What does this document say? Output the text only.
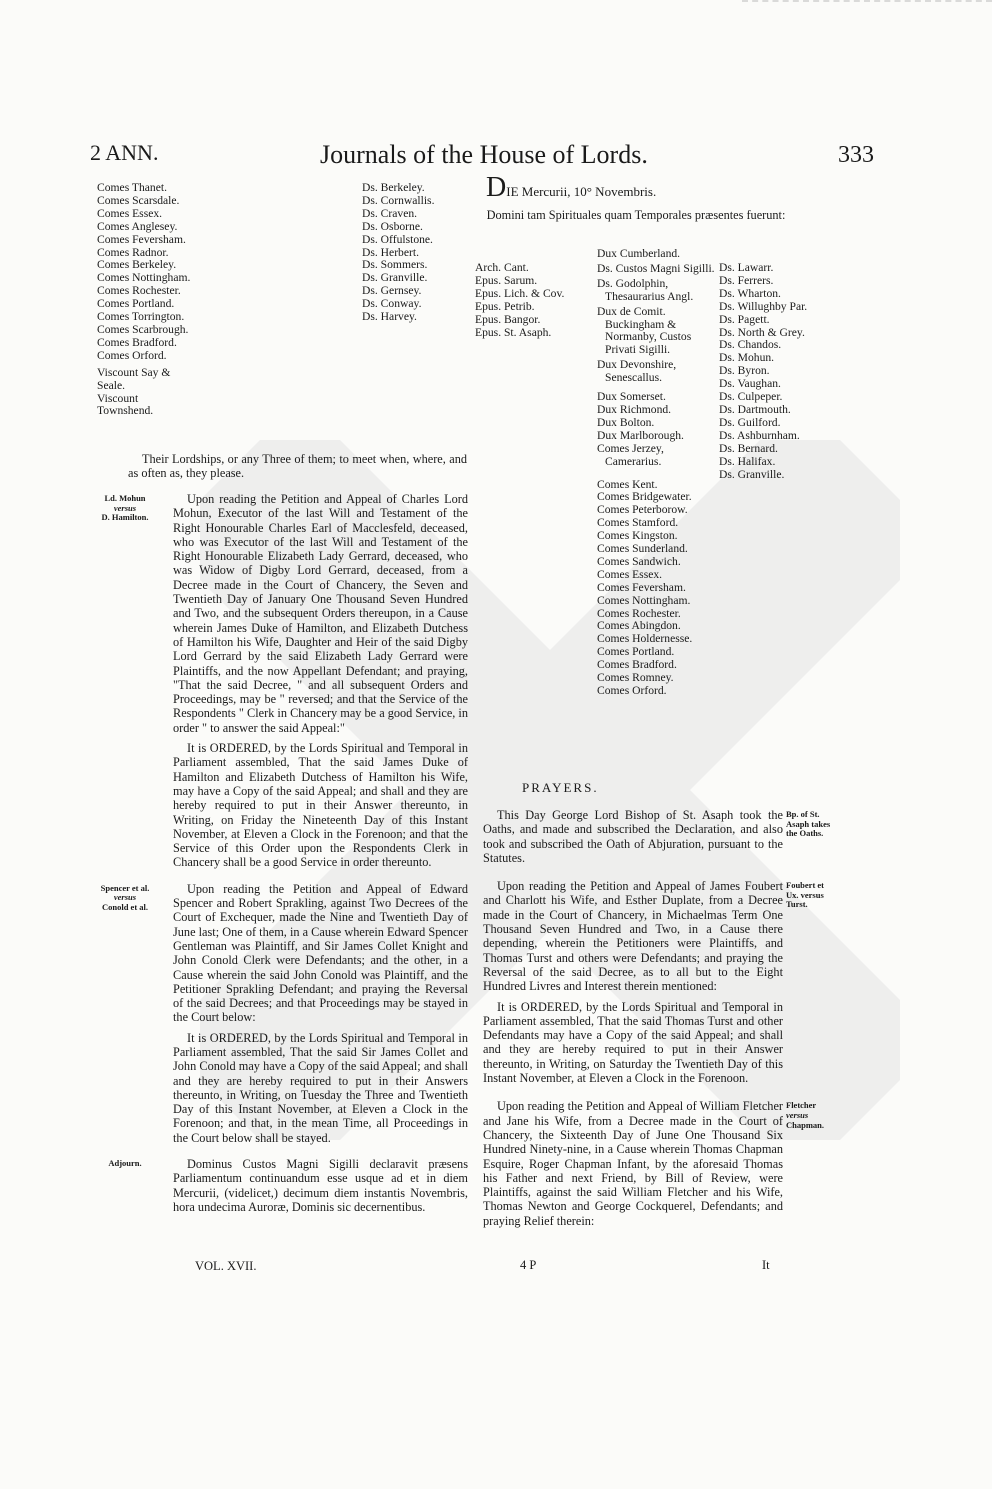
2 ANN.	Journals of the House of Lords.	333
Comes Thanet.
Comes Scarsdale.
Comes Essex.
Comes Anglesey.
Comes Feversham.
Comes Radnor.
Comes Berkeley.
Comes Nottingham.
Comes Rochester.
Comes Portland.
Comes Torrington.
Comes Scarbrough.
Comes Bradford.
Comes Orford.
Viscount Say & Seale.
Viscount Townshend.
Ds. Berkeley.
Ds. Cornwallis.
Ds. Craven.
Ds. Osborne.
Ds. Offulstone.
Ds. Herbert.
Ds. Sommers.
Ds. Granville.
Ds. Gernsey.
Ds. Conway.
Ds. Harvey.
Their Lordships, or any Three of them; to meet when, where, and as often as, they please.
Ld. Mohun
versus
D. Hamilton.

Upon reading the Petition and Appeal of Charles Lord Mohun, Executor of the last Will and Testament of the Right Honourable Charles Earl of Macclesfeld, deceased, who was Executor of the last Will and Testament of the Right Honourable Elizabeth Lady Gerrard, deceased, who was Widow of Digby Lord Gerrard, deceased, from a Decree made in the Court of Chancery, the Seven and Twentieth Day of January One Thousand Seven Hundred and Two, and the subsequent Orders thereupon, in a Cause wherein James Duke of Hamilton, and Elizabeth Dutchess of Hamilton his Wife, Daughter and Heir of the said Digby Lord Gerrard by the said Elizabeth Lady Gerrard were Plaintiffs, and the now Appellant Defendant; and praying, "That the said Decree, " and all subsequent Orders and Proceedings, may be " reversed; and that the Service of the Respondents " Clerk in Chancery may be a good Service, in order " to answer the said Appeal:"

It is ORDERED, by the Lords Spiritual and Temporal in Parliament assembled, That the said James Duke of Hamilton and Elizabeth Dutchess of Hamilton his Wife, may have a Copy of the said Appeal; and shall and they are hereby required to put in their Answer thereunto, in Writing, on Friday the Nineteenth Day of this Instant November, at Eleven a Clock in the Forenoon; and that the Service of this Order upon the Respondents Clerk in Chancery shall be a good Service in order thereunto.

Spencer et al.
versus
Conold et al.

Upon reading the Petition and Appeal of Edward Spencer and Robert Sprakling, against Two Decrees of the Court of Exchequer, made the Nine and Twentieth Day of June last; One of them, in a Cause wherein Edward Spencer Gentleman was Plaintiff, and Sir James Collet Knight and John Conold Clerk were Defendants; and the other, in a Cause wherein the said John Conold was Plaintiff, and the Petitioner Sprakling Defendant; and praying the Reversal of the said Decrees; and that Proceedings may be stayed in the Court below:

It is ORDERED, by the Lords Spiritual and Temporal in Parliament assembled, That the said Sir James Collet and John Conold may have a Copy of the said Appeal; and shall and they are hereby required to put in their Answers thereunto, in Writing, on Tuesday the Three and Twentieth Day of this Instant November, at Eleven a Clock in the Forenoon; and that, in the mean Time, all Proceedings in the Court below shall be stayed.

Adjourn.	Dominus Custos Magni Sigilli declaravit præsens Parliamentum continuandum esse usque ad et in diem Mercurii, (videlicet,) decimum diem instantis Novembris, hora undecima Auroræ, Dominis sic decernentibus.

VOL. XVII.	4 P	It
DIE Mercurii, 10° Novembris.
Domini tam Spirituales quam Temporales præsentes fuerunt:
Arch. Cant.
Epus. Sarum.
Epus. Lich. & Cov.
Epus. Petrib.
Epus. Bangor.
Epus. St. Asaph.
Dux Cumberland.
Ds. Custos Magni Sigilli.
Ds. Godolphin, Thesaurarius Angl.
Dux de Comit. Buckingham & Normanby, Custos Privati Sigilli.
Dux Devonshire, Senescallus.
Dux Somerset.
Dux Richmond.
Dux Bolton.
Dux Marlborough.
Comes Jerzey, Camerarius.
Comes Kent.
Comes Bridgewater.
Comes Peterborow.
Comes Stamford.
Comes Kingston.
Comes Sunderland.
Comes Sandwich.
Comes Essex.
Comes Feversham.
Comes Nottingham.
Comes Rochester.
Comes Abingdon.
Comes Holdernesse.
Comes Portland.
Comes Bradford.
Comes Romney.
Comes Orford.
Ds. Lawarr.
Ds. Ferrers.
Ds. Wharton.
Ds. Willughby Par.
Ds. Pagett.
Ds. North & Grey.
Ds. Chandos.
Ds. Mohun.
Ds. Byron.
Ds. Vaughan.
Ds. Culpeper.
Ds. Dartmouth.
Ds. Guilford.
Ds. Ashburnham.
Ds. Bernard.
Ds. Halifax.
Ds. Granville.
PRAYERS.
Bp. of St.
Asaph takes
the Oaths.

This Day George Lord Bishop of St. Asaph took the Oaths, and made and subscribed the Declaration, and also took and subscribed the Oath of Abjuration, pursuant to the Statutes.

Foubert et
Ux. versus
Turst.

Upon reading the Petition and Appeal of James Foubert and Charlott his Wife, and Esther Duplate, from a Decree made in the Court of Chancery, in Michaelmas Term One Thousand Seven Hundred and Two, in a Cause there depending, wherein the Petitioners were Plaintiffs, and Thomas Turst and others were Defendants; and praying the Reversal of the said Decree, as to all but to the Eight Hundred Livres and Interest therein mentioned:

It is ORDERED, by the Lords Spiritual and Temporal in Parliament assembled, That the said Thomas Turst and other Defendants may have a Copy of the said Appeal; and shall and they are hereby required to put in their Answer thereunto, in Writing, on Saturday the Twentieth Day of this Instant November, at Eleven a Clock in the Forenoon.

Fletcher
versus
Chapman.

Upon reading the Petition and Appeal of William Fletcher and Jane his Wife, from a Decree made in the Court of Chancery, the Sixteenth Day of June One Thousand Six Hundred Ninety-nine, in a Cause wherein Thomas Chapman Esquire, Roger Chapman Infant, by the aforesaid Thomas his Father and next Friend, by Bill of Review, were Plaintiffs, against the said William Fletcher and his Wife, Thomas Newton and George Cockquerel, Defendants; and praying Relief therein:
